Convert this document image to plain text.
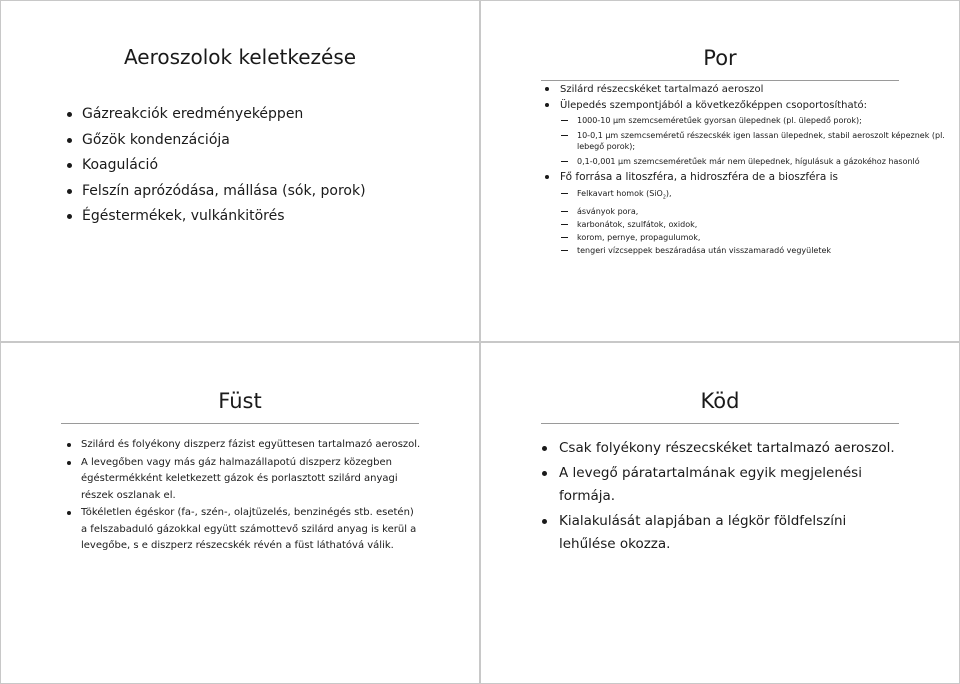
Aeroszolok keletkezése
Gázreakciók eredményeképpen
Gőzök kondenzációja
Koaguláció
Felszín aprózódása, mállása (sók, porok)
Égéstermékek, vulkánkitörés
Por
Szilárd részecskéket tartalmazó aeroszol
Ülepedés szempontjából a következőképpen csoportosítható:
1000-10 μm szemcseméretűek gyorsan ülepednek (pl. ülepedő porok);
10-0,1 μm szemcseméretű részecskék igen lassan ülepednek, stabil aeroszolt képeznek (pl. lebegő porok);
0,1-0,001 μm szemcseméretűek már nem ülepednek, hígulásuk a gázokéhoz hasonló
Fő forrása a litoszféra, a hidroszféra de a bioszféra is
Felkavart homok (SiO$_2$),
ásványok pora,
karbonátok, szulfátok, oxidok,
korom, pernye, propagulumok,
tengeri vízcseppek beszáradása után visszamaradó vegyületek
Füst
Szilárd és folyékony diszperz fázist együttesen tartalmazó aeroszol.
A levegőben vagy más gáz halmazállapotú diszperz közegben égéstermékként keletkezett gázok és porlasztott szilárd anyagi részek oszlanak el.
Tökéletlen égéskor (fa-, szén-, olajtüzelés, benzinégés stb. esetén) a felszabaduló gázokkal együtt számottevő szilárd anyag is kerül a levegőbe, s e diszperz részecskék révén a füst láthatóvá válik.
Köd
Csak folyékony részecskéket tartalmazó aeroszol.
A levegő páratartalmának egyik megjelenési formája.
Kialakulását alapjában a légkör földfelszíni lehűlése okozza.
